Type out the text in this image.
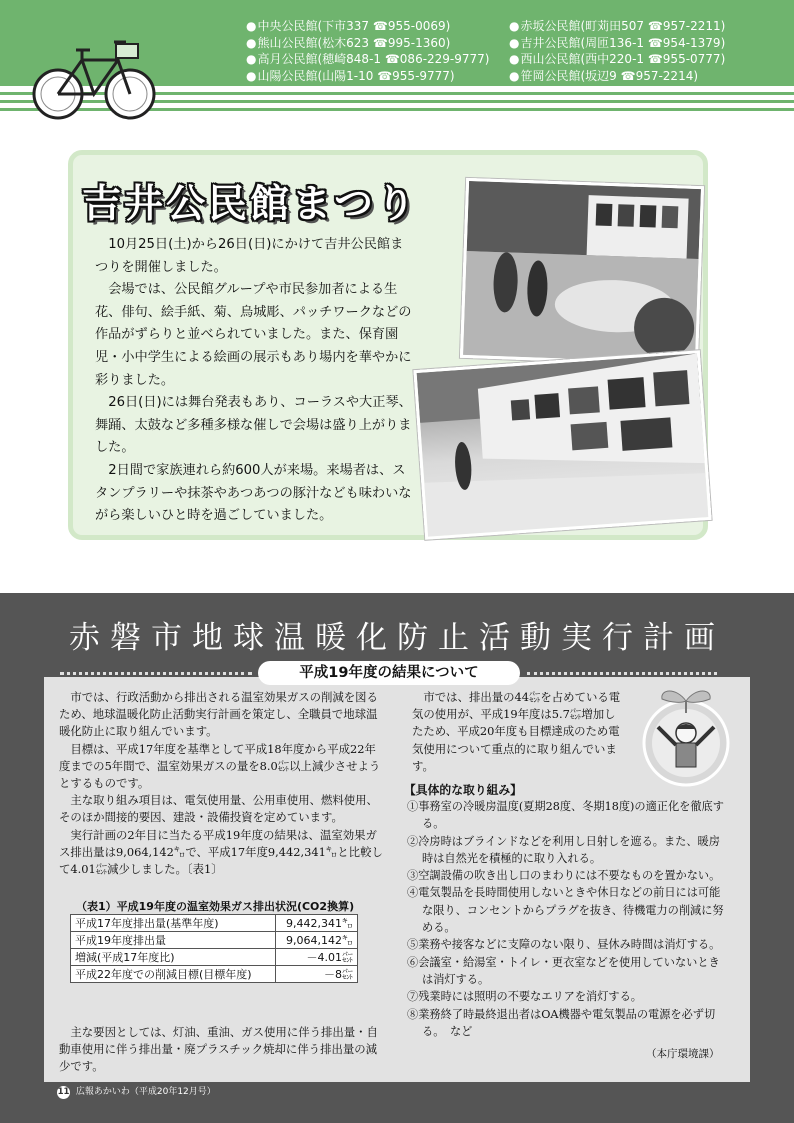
● 中央公民館(下市337 ☎955-0069)
● 熊山公民館(松木623 ☎995-1360)
● 高月公民館(穂崎848-1 ☎086-229-9777)
● 山陽公民館(山陽1-10 ☎955-9777)
● 赤坂公民館(町苅田507 ☎957-2211)
● 吉井公民館(周匝136-1 ☎954-1379)
● 西山公民館(西中220-1 ☎955-0777)
● 笹岡公民館(坂辺9 ☎957-2214)
吉井公民館まつり

10月25日(土)から26日(日)にかけて吉井公民館まつりを開催しました。

会場では、公民館グループや市民参加者による生花、俳句、絵手紙、菊、烏城彫、パッチワークなどの作品がずらりと並べられていました。また、保育園児・小中学生による絵画の展示もあり場内を華やかに彩りました。

26日(日)には舞台発表もあり、コーラスや大正琴、舞踊、太鼓など多種多様な催しで会場は盛り上がりました。

2日間で家族連れら約600人が来場。来場者は、スタンプラリーや抹茶やあつあつの豚汁なども味わいながら楽しいひと時を過ごしていました。

赤磐市地球温暖化防止活動実行計画
平成19年度の結果について

市では、行政活動から排出される温室効果ガスの削減を図るため、地球温暖化防止活動実行計画を策定し、全職員で地球温暖化防止に取り組んでいます。

目標は、平成17年度を基準として平成18年度から平成22年度までの5年間で、温室効果ガスの量を8.0㌫以上減少させようとするものです。

主な取り組み項目は、電気使用量、公用車使用、燃料使用、そのほか間接的要因、建設・設備投資を定めています。

実行計画の2年目に当たる平成19年度の結果は、温室効果ガス排出量は9,064,142㌔で、平成17年度9,442,341㌔と比較して4.01㌫減少しました。〔表1〕

（表1）平成19年度の温室効果ガス排出状況(CO2換算)
平成17年度排出量(基準年度)	9,442,341㌔
平成19年度排出量	9,064,142㌔
増減(平成17年度比)	－4.01㌫
平成22年度での削減目標(目標年度)	－8㌫

主な要因としては、灯油、重油、ガス使用に伴う排出量・自動車使用に伴う排出量・廃プラスチック焼却に伴う排出量の減少です。

市では、排出量の44㌫を占めている電気の使用が、平成19年度は5.7㌫増加したため、平成20年度も目標達成のため電気使用について重点的に取り組んでいます。

【具体的な取り組み】
①事務室の冷暖房温度(夏期28度、冬期18度)の適正化を徹底する。
②冷房時はブラインドなどを利用し日射しを遮る。また、暖房時は自然光を積極的に取り入れる。
③空調設備の吹き出し口のまわりには不要なものを置かない。
④電気製品を長時間使用しないときや休日などの前日には可能な限り、コンセントからプラグを抜き、待機電力の削減に努める。
⑤業務や接客などに支障のない限り、昼休み時間は消灯する。
⑥会議室・給湯室・トイレ・更衣室などを使用していないときは消灯する。
⑦残業時には照明の不要なエリアを消灯する。
⑧業務終了時最終退出者はOA機器や電気製品の電源を必ず切る。　など
（本庁環境課）
11 広報あかいわ（平成20年12月号）
